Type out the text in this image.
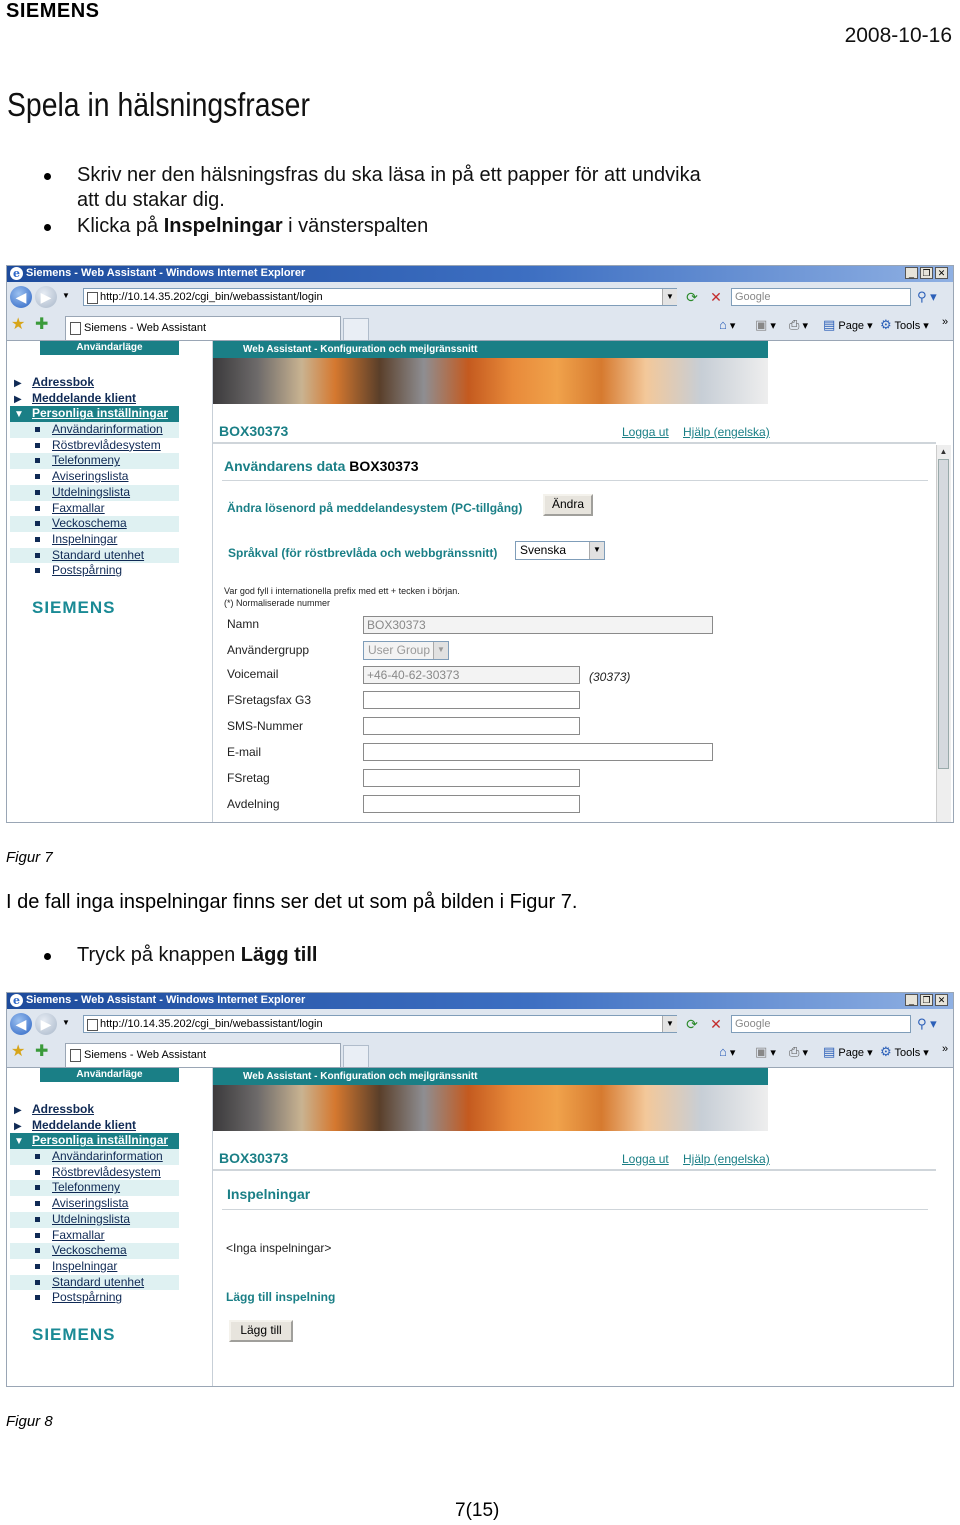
SIEMENS
2008-10-16
Spela in hälsningsfraser
Skriv ner den hälsningsfras du ska läsa in på ett papper för att undvika
att du stakar dig.
Klicka på Inspelningar i vänsterspalten
e Siemens - Web Assistant - Windows Internet Explorer	_ ❐ ✕
◀	▶	▼	http://10.14.35.202/cgi_bin/webassistant/login	▼ ⟳ ✕	Google	⚲ ▾
★ ✚	Siemens - Web Assistant	⌂ ▾ ▣ ▾ ⎙ ▾ ▤ Page ▾ ⚙ Tools ▾ »
Användarläge
▶ Adressbok
▶ Meddelande klient
▼ Personliga inställningar
Användarinformation
Röstbrevlådesystem
Telefonmeny
Aviseringslista
Utdelningslista
Faxmallar
Veckoschema
Inspelningar
Standard utenhet
Postspårning
SIEMENS
Web Assistant - Konfiguration och mejlgränssnitt
BOX30373	Logga ut Hjälp (engelska)
Användarens data BOX30373
Ändra lösenord på meddelandesystem (PC-tillgång)	Ändra
Språkval (för röstbrevlåda och webbgränssnitt)	Svenska	▼
Var god fyll i internationella prefix med ett + tecken i början.
(*) Normaliserade nummer
Namn	BOX30373
Användergrupp	User Group ▼
Voicemail	+46-40-62-30373	(30373)
FSretagsfax G3
SMS-Nummer
E-mail
FSretag
Avdelning
▲
Figur 7
I de fall inga inspelningar finns ser det ut som på bilden i Figur 7.
Tryck på knappen Lägg till
e Siemens - Web Assistant - Windows Internet Explorer	_ ❐ ✕
◀	▶	▼	http://10.14.35.202/cgi_bin/webassistant/login	▼ ⟳ ✕	Google	⚲ ▾
★ ✚	Siemens - Web Assistant	⌂ ▾ ▣ ▾ ⎙ ▾ ▤ Page ▾ ⚙ Tools ▾ »
Användarläge
▶ Adressbok
▶ Meddelande klient
▼ Personliga inställningar
Användarinformation
Röstbrevlådesystem
Telefonmeny
Aviseringslista
Utdelningslista
Faxmallar
Veckoschema
Inspelningar
Standard utenhet
Postspårning
SIEMENS
Web Assistant - Konfiguration och mejlgränssnitt
BOX30373	Logga ut Hjälp (engelska)
Inspelningar
<Inga inspelningar>
Lägg till inspelning
Lägg till
Figur 8
7(15)
